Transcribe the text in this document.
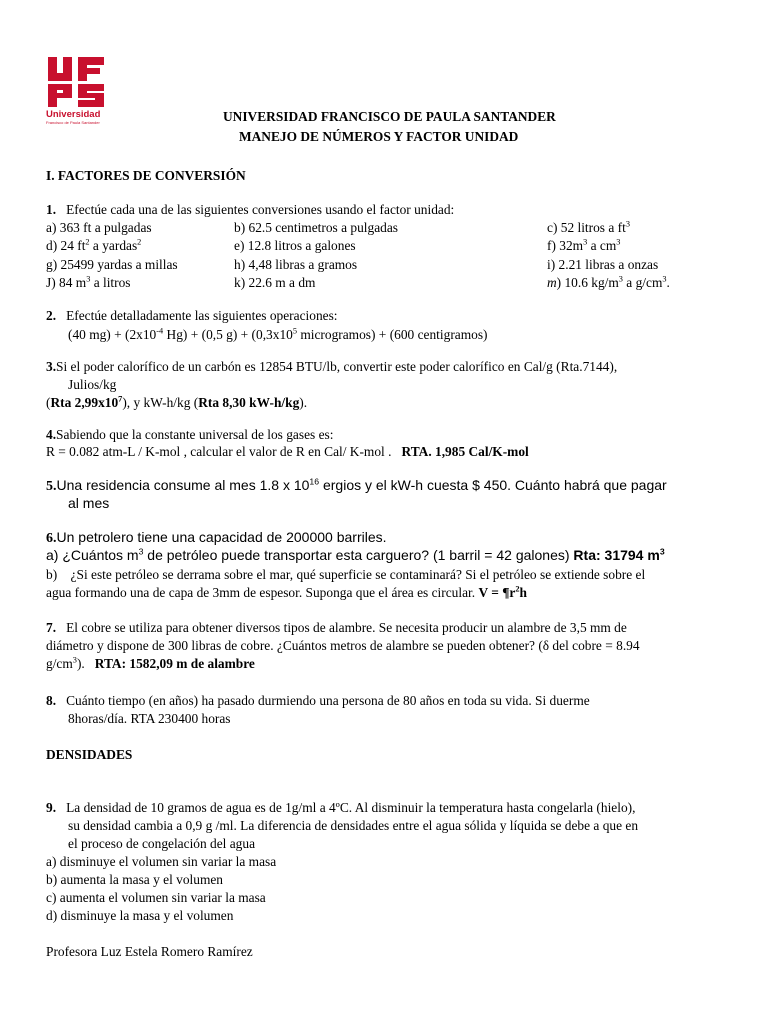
Universidad
Francisco de Paula Santander	UNIVERSIDAD FRANCISCO DE PAULA SANTANDER
MANEJO DE NÚMEROS Y FACTOR UNIDAD
I. FACTORES DE CONVERSIÓN
1. Efectúe cada una de las siguientes conversiones usando el factor unidad:
a) 363 ft a pulgadas	b) 62.5 centimetros a pulgadas	c) 52 litros a $ft^3$
d) 24 $ft^2$ a yardas$^2$	e) 12.8 litros a galones	f) $32m^3$ a $cm^3$
g) 25499 yardas a millas	h) 4,48 libras a gramos	i) 2.21 libras a onzas
J) 84 $m^3$ a litros	k) 22.6 m a dm	m) 10.6 $kg/m^3$ a $g/cm^3$.
2. Efectúe detalladamente las siguientes operaciones:
(40 $mg) + (2x10^{-4}$ Hg) + (0,5 $g) + (0,3x10^5$ microgramos) + (600 centigramos)
3.Si el poder calorífico de un carbón es 12854 BTU/lb, convertir este poder calorífico en Cal/g (Rta.7144),
Julios/kg
(Rta $2,99x10^7$), y kW-h/kg (Rta 8,30 kW-h/kg).
4.Sabiendo que la constante universal de los gases es:
R = 0.082 atm-L / K-mol , calcular el valor de R en Cal/ K-mol . RTA. 1,985 Cal/K-mol
5.Una residencia consume al mes 1.8 x $10^{16}$ ergios y el kW-h cuesta $ 450. Cuánto habrá que pagar
al mes
6.Un petrolero tiene una capacidad de 200000 barriles.
a) ¿Cuántos $m^3$ de petróleo puede transportar esta carguero? (1 barril = 42 galones) Rta: 31794 $m^3$
b) ¿Si este petróleo se derrama sobre el mar, qué superficie se contaminará? Si el petróleo se extiende sobre el
agua formando una de capa de 3mm de espesor. Suponga que el área es circular. $V = \P r^2h$
7. El cobre se utiliza para obtener diversos tipos de alambre. Se necesita producir un alambre de 3,5 mm de
diámetro y dispone de 300 libras de cobre. ¿Cuántos metros de alambre se pueden obtener? (δ del cobre = 8.94
$g/cm^3$). RTA: 1582,09 m de alambre
8. Cuánto tiempo (en años) ha pasado durmiendo una persona de 80 años en toda su vida. Si duerme
8horas/día. RTA 230400 horas
DENSIDADES
9. La densidad de 10 gramos de agua es de 1g/ml a 4ºC. Al disminuir la temperatura hasta congelarla (hielo),
su densidad cambia a 0,9 g /ml. La diferencia de densidades entre el agua sólida y líquida se debe a que en
el proceso de congelación del agua
a) disminuye el volumen sin variar la masa
b) aumenta la masa y el volumen
c) aumenta el volumen sin variar la masa
d) disminuye la masa y el volumen
Profesora Luz Estela Romero Ramírez
